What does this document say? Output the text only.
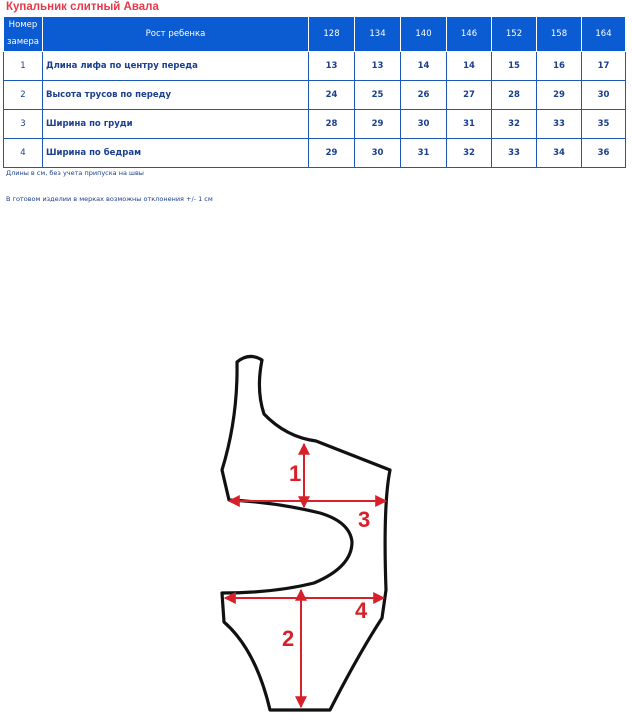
Купальник слитный Авала
Номер замера	Рост ребенка	128	134	140	146	152	158	164
1	Длина лифа по центру переда	13	13	14	14	15	16	17
2	Высота трусов по переду	24	25	26	27	28	29	30
3	Ширина по груди	28	29	30	31	32	33	35
4	Ширина по бедрам	29	30	31	32	33	34	36
Длины в см, без учета припуска на швы
В готовом изделии в мерках возможны отклонения +/- 1 см
1
3
4
2
